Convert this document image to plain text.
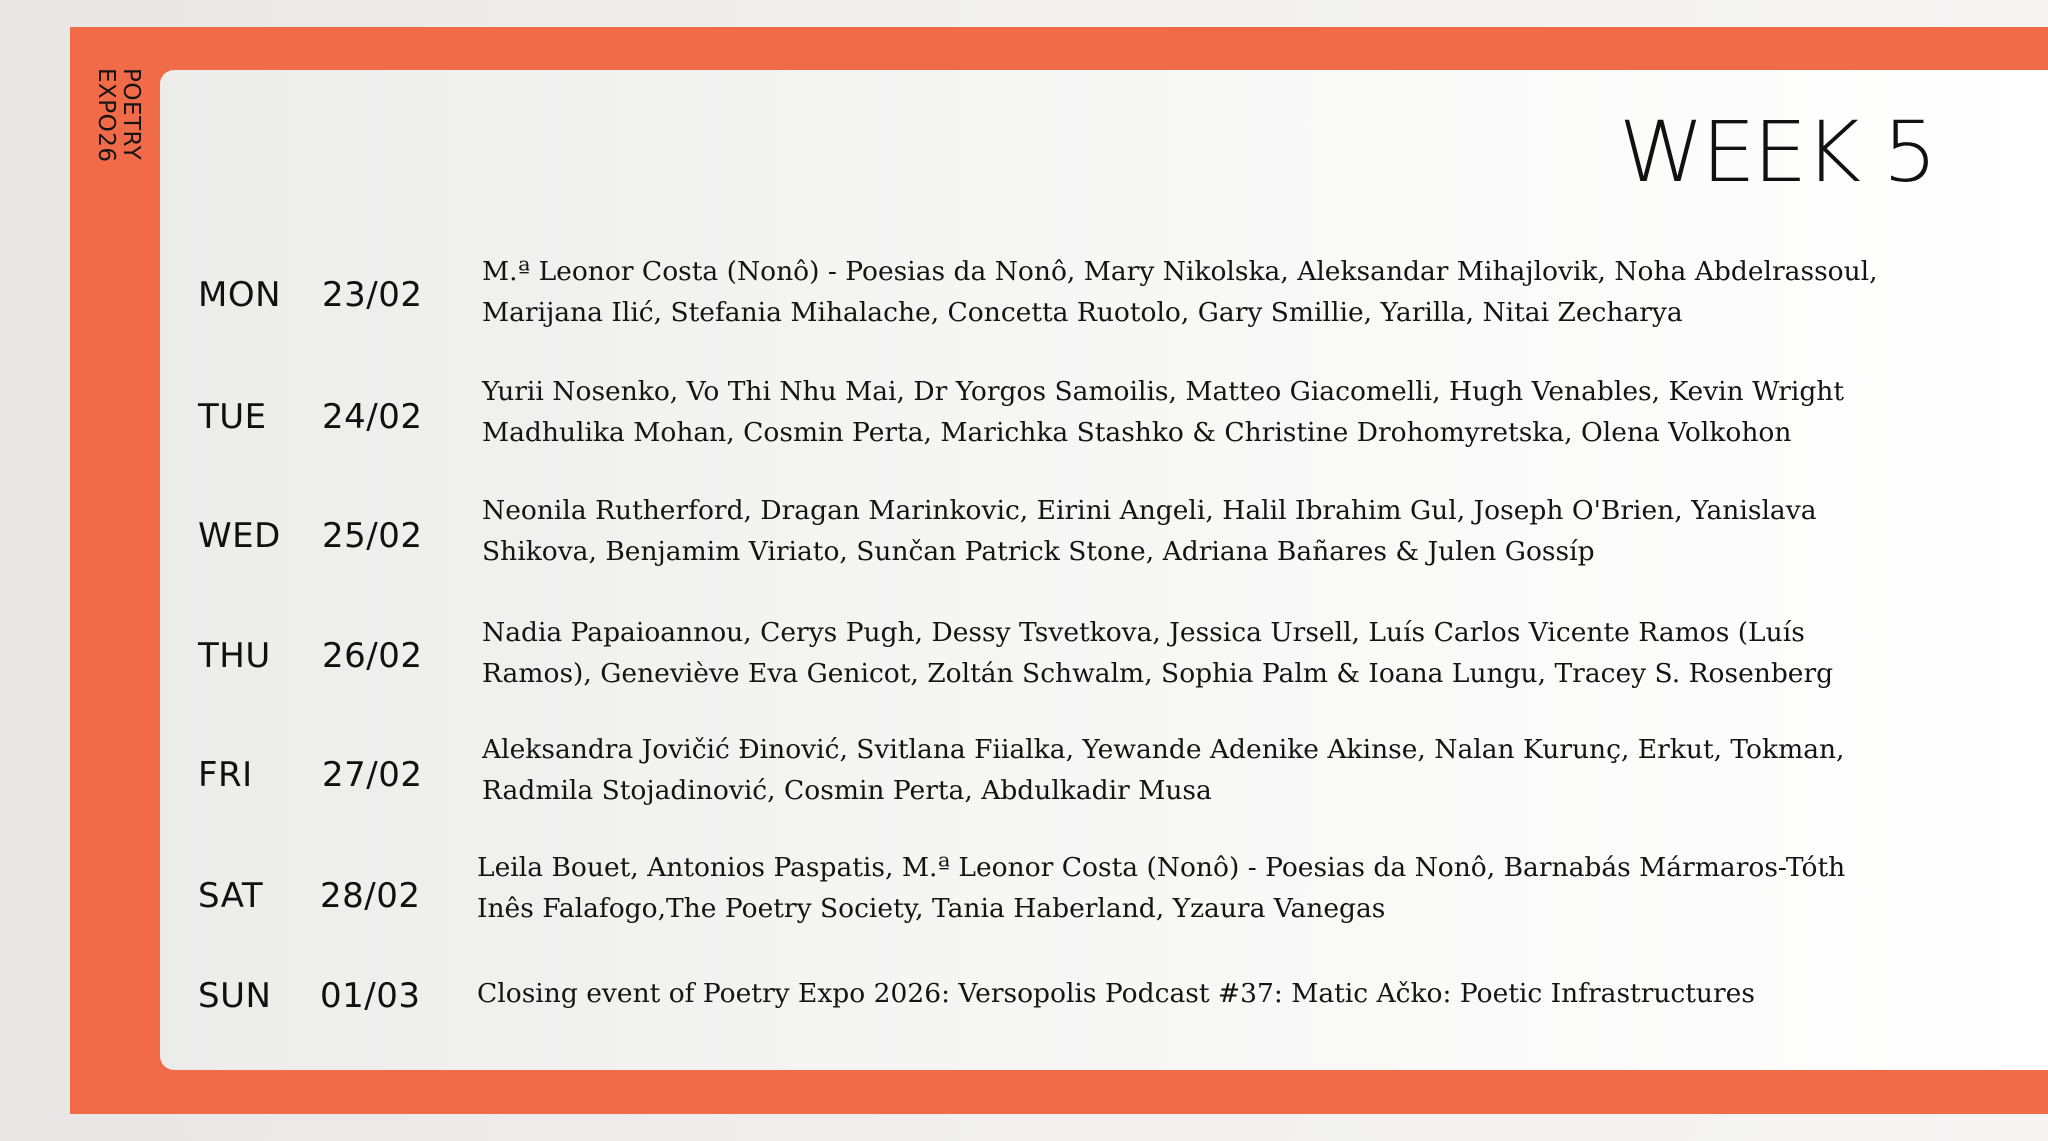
POETRY
EXPO26	WEEK 5
MON 23/02
M.ª Leonor Costa (Nonô) - Poesias da Nonô, Mary Nikolska, Aleksandar Mihajlovik, Noha Abdelrassoul,
Marijana Ilić, Stefania Mihalache, Concetta Ruotolo, Gary Smillie, Yarilla, Nitai Zecharya
TUE 24/02
Yurii Nosenko, Vo Thi Nhu Mai, Dr Yorgos Samoilis, Matteo Giacomelli, Hugh Venables, Kevin Wright
Madhulika Mohan, Cosmin Perta, Marichka Stashko & Christine Drohomyretska, Olena Volkohon
WED 25/02
Neonila Rutherford, Dragan Marinkovic, Eirini Angeli, Halil Ibrahim Gul, Joseph O'Brien, Yanislava
Shikova, Benjamim Viriato, Sunčan Patrick Stone, Adriana Bañares & Julen Gossíp
THU 26/02
Nadia Papaioannou, Cerys Pugh, Dessy Tsvetkova, Jessica Ursell, Luís Carlos Vicente Ramos (Luís
Ramos), Geneviève Eva Genicot, Zoltán Schwalm, Sophia Palm & Ioana Lungu, Tracey S. Rosenberg
FRI 27/02
Aleksandra Jovičić Đinović, Svitlana Fiialka, Yewande Adenike Akinse, Nalan Kurunç, Erkut, Tokman,
Radmila Stojadinović, Cosmin Perta, Abdulkadir Musa
SAT 28/02
Leila Bouet, Antonios Paspatis, M.ª Leonor Costa (Nonô) - Poesias da Nonô, Barnabás Mármaros-Tóth
Inês Falafogo,The Poetry Society, Tania Haberland, Yzaura Vanegas
SUN 01/03 Closing event of Poetry Expo 2026: Versopolis Podcast #37: Matic Ačko: Poetic Infrastructures
